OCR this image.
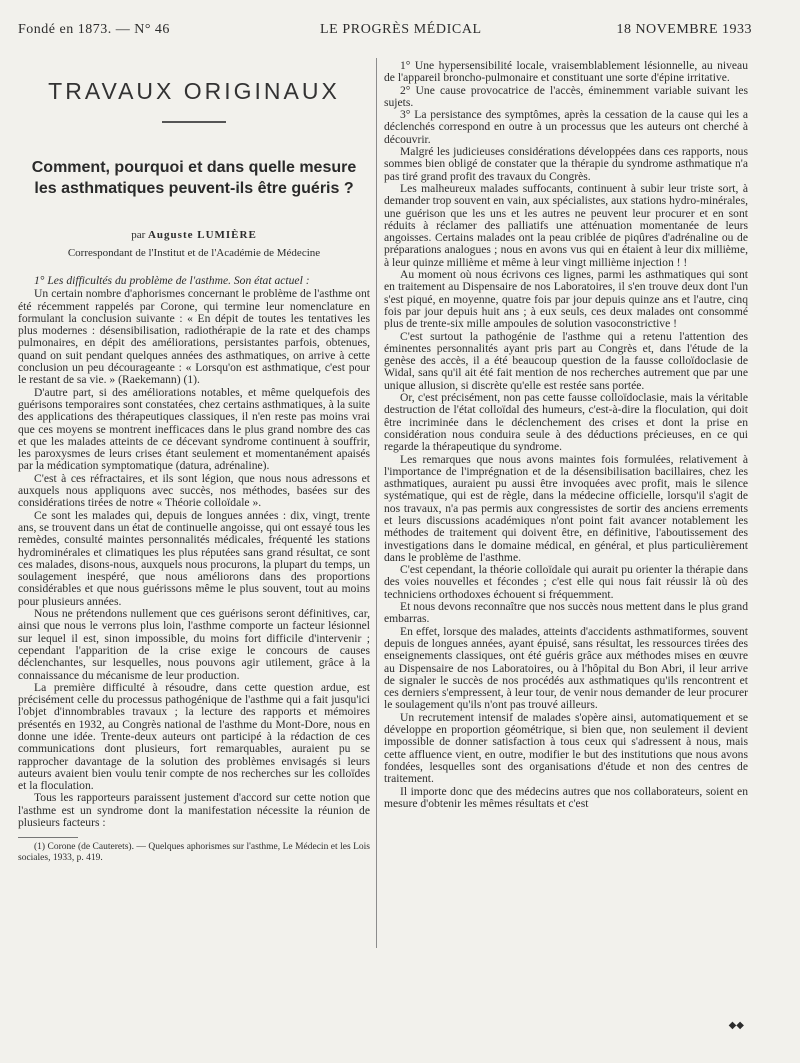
Fondé en 1873. — N° 46	LE PROGRÈS MÉDICAL	18 NOVEMBRE 1933
TRAVAUX ORIGINAUX
Comment, pourquoi et dans quelle mesure
les asthmatiques peuvent-ils être guéris ?
par Auguste LUMIÈRE
Correspondant de l'Institut et de l'Académie de Médecine

1° Les difficultés du problème de l'asthme. Son état actuel :

Un certain nombre d'aphorismes concernant le problème de l'asthme ont été récemment rappelés par Corone, qui termine leur nomenclature en formulant la conclusion suivante : « En dépit de toutes les tentatives les plus modernes : désensibilisation, radiothérapie de la rate et des champs pulmonaires, en dépit des améliorations, persistantes parfois, obtenues, quand on suit pendant quelques années des asthmatiques, on arrive à cette conclusion un peu décourageante : « Lorsqu'on est asthmatique, c'est pour le restant de sa vie. » (Raekemann) (1).

D'autre part, si des améliorations notables, et même quelquefois des guérisons temporaires sont constatées, chez certains asthmatiques, à la suite des applications des thérapeutiques classiques, il n'en reste pas moins vrai que ces moyens se montrent inefficaces dans le plus grand nombre des cas et que les malades atteints de ce décevant syndrome continuent à souffrir, les paroxysmes de leurs crises étant seulement et momentanément apaisés par la médication symptomatique (datura, adrénaline).

C'est à ces réfractaires, et ils sont légion, que nous nous adressons et auxquels nous appliquons avec succès, nos méthodes, basées sur des considérations tirées de notre « Théorie colloïdale ».

Ce sont les malades qui, depuis de longues années : dix, vingt, trente ans, se trouvent dans un état de continuelle angoisse, qui ont essayé tous les remèdes, consulté maintes personnalités médicales, fréquenté les stations hydrominérales et climatiques les plus réputées sans grand résultat, ce sont ces malades, disons-nous, auxquels nous procurons, la plupart du temps, un soulagement inespéré, que nous améliorons dans des proportions considérables et que nous guérissons même le plus souvent, tout au moins pour plusieurs années.

Nous ne prétendons nullement que ces guérisons seront définitives, car, ainsi que nous le verrons plus loin, l'asthme comporte un facteur lésionnel sur lequel il est, sinon impossible, du moins fort difficile d'intervenir ; cependant l'apparition de la crise exige le concours de causes déclenchantes, sur lesquelles, nous pouvons agir utilement, grâce à la connaissance du mécanisme de leur production.

La première difficulté à résoudre, dans cette question ardue, est précisément celle du processus pathogénique de l'asthme qui a fait jusqu'ici l'objet d'innombrables travaux ; la lecture des rapports et mémoires présentés en 1932, au Congrès national de l'asthme du Mont-Dore, nous en donne une idée. Trente-deux auteurs ont participé à la rédaction de ces communications dont plusieurs, fort remarquables, auraient pu se rapprocher davantage de la solution des problèmes envisagés si leurs auteurs avaient bien voulu tenir compte de nos recherches sur les colloïdes et la floculation.

Tous les rapporteurs paraissent justement d'accord sur cette notion que l'asthme est un syndrome dont la manifestation nécessite la réunion de plusieurs facteurs :

(1) Corone (de Cauterets). — Quelques aphorismes sur l'asthme, Le Médecin et les Lois sociales, 1933, p. 419.

1° Une hypersensibilité locale, vraisemblablement lésionnelle, au niveau de l'appareil broncho-pulmonaire et constituant une sorte d'épine irritative.

2° Une cause provocatrice de l'accès, éminemment variable suivant les sujets.

3° La persistance des symptômes, après la cessation de la cause qui les a déclenchés correspond en outre à un processus que les auteurs ont cherché à découvrir.

Malgré les judicieuses considérations développées dans ces rapports, nous sommes bien obligé de constater que la thérapie du syndrome asthmatique n'a pas tiré grand profit des travaux du Congrès.

Les malheureux malades suffocants, continuent à subir leur triste sort, à demander trop souvent en vain, aux spécialistes, aux stations hydro-minérales, une guérison que les uns et les autres ne peuvent leur procurer et en sont réduits à réclamer des palliatifs une atténuation momentanée de leurs angoisses. Certains malades ont la peau criblée de piqûres d'adrénaline ou de préparations analogues ; nous en avons vus qui en étaient à leur dix millième, à leur quinze millième et même à leur vingt millième injection ! !

Au moment où nous écrivons ces lignes, parmi les asthmatiques qui sont en traitement au Dispensaire de nos Laboratoires, il s'en trouve deux dont l'un s'est piqué, en moyenne, quatre fois par jour depuis quinze ans et l'autre, cinq fois par jour depuis huit ans ; à eux seuls, ces deux malades ont consommé plus de trente-six mille ampoules de solution vasoconstrictive !

C'est surtout la pathogénie de l'asthme qui a retenu l'attention des éminentes personnalités ayant pris part au Congrès et, dans l'étude de la genèse des accès, il a été beaucoup question de la fausse colloïdoclasie de Widal, sans qu'il ait été fait mention de nos recherches autrement que par une unique allusion, si discrète qu'elle est restée sans portée.

Or, c'est précisément, non pas cette fausse colloïdoclasie, mais la véritable destruction de l'état colloïdal des humeurs, c'est-à-dire la floculation, qui doit être incriminée dans le déclenchement des crises et dont la prise en considération nous conduira seule à des déductions précieuses, en ce qui regarde la thérapeutique du syndrome.

Les remarques que nous avons maintes fois formulées, relativement à l'importance de l'imprégnation et de la désensibilisation bacillaires, chez les asthmatiques, auraient pu aussi être invoquées avec profit, mais le silence systématique, qui est de règle, dans la médecine officielle, lorsqu'il s'agit de nos travaux, n'a pas permis aux congressistes de sortir des anciens errements et leurs discussions académiques n'ont point fait avancer notablement les méthodes de traitement qui doivent être, en définitive, l'aboutissement des investigations dans le domaine médical, en général, et plus particulièrement dans le problème de l'asthme.

C'est cependant, la théorie colloïdale qui aurait pu orienter la thérapie dans des voies nouvelles et fécondes ; c'est elle qui nous fait réussir là où des techniciens orthodoxes échouent si fréquemment.

Et nous devons reconnaître que nos succès nous mettent dans le plus grand embarras.

En effet, lorsque des malades, atteints d'accidents asthmatiformes, souvent depuis de longues années, ayant épuisé, sans résultat, les ressources tirées des enseignements classiques, ont été guéris grâce aux méthodes mises en œuvre au Dispensaire de nos Laboratoires, ou à l'hôpital du Bon Abri, il leur arrive de signaler le succès de nos procédés aux asthmatiques qu'ils rencontrent et ces derniers s'empressent, à leur tour, de venir nous demander de leur procurer le soulagement qu'ils n'ont pas trouvé ailleurs.

Un recrutement intensif de malades s'opère ainsi, automatiquement et se développe en proportion géométrique, si bien que, non seulement il devient impossible de donner satisfaction à tous ceux qui s'adressent à nous, mais cette affluence vient, en outre, modifier le but des institutions que nous avons fondées, lesquelles sont des organisations d'étude et non des centres de traitement.

Il importe donc que des médecins autres que nos collaborateurs, soient en mesure d'obtenir les mêmes résultats et c'est

◆◆
